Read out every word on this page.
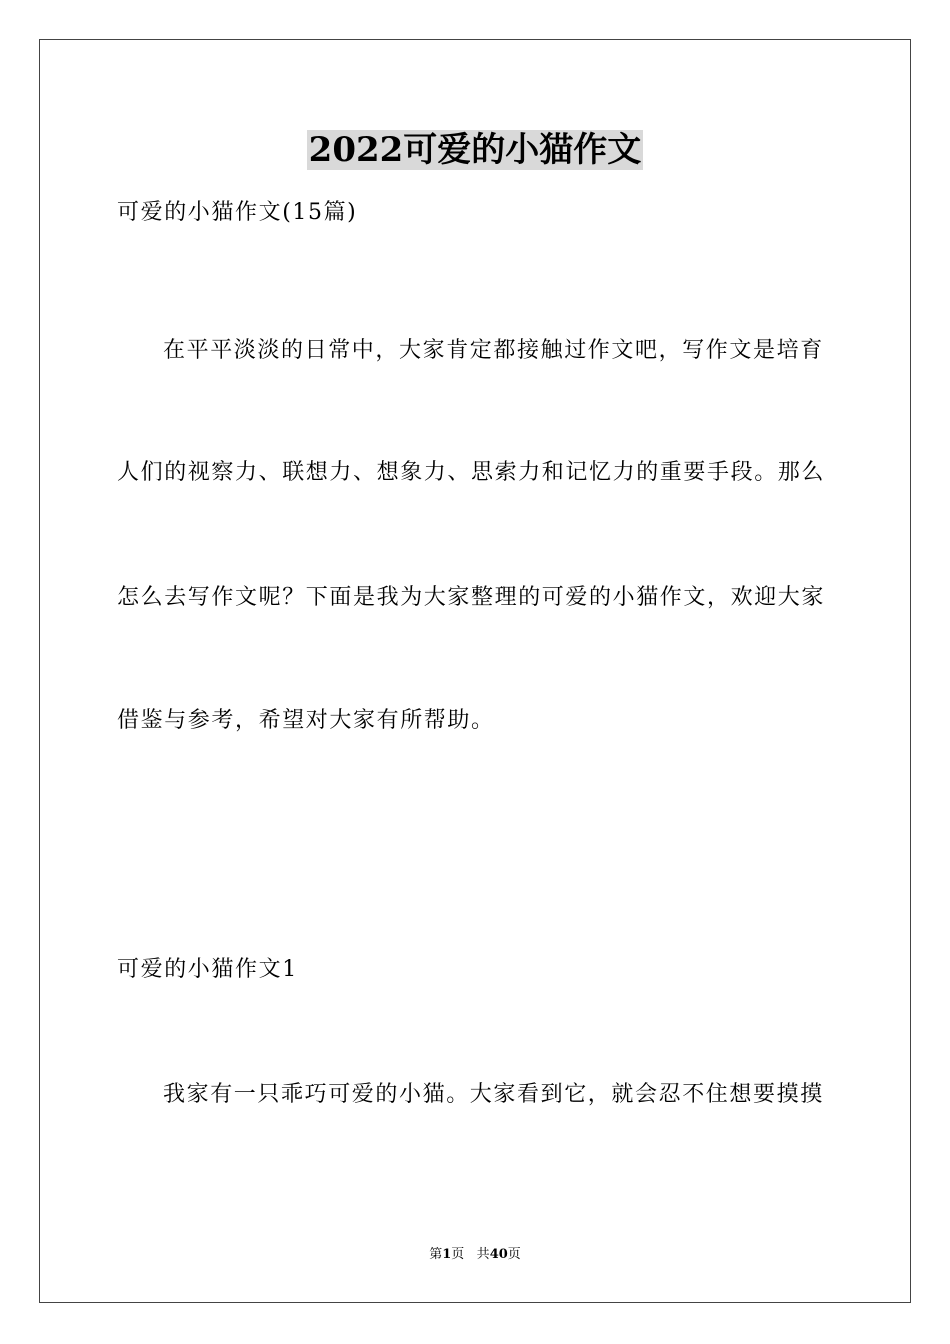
2022可爱的小猫作文
可爱的小猫作文(15篇)
在平平淡淡的日常中，大家肯定都接触过作文吧，写作文是培育
人们的视察力、联想力、想象力、思索力和记忆力的重要手段。那么
怎么去写作文呢？下面是我为大家整理的可爱的小猫作文，欢迎大家
借鉴与参考，希望对大家有所帮助。
可爱的小猫作文1
我家有一只乖巧可爱的小猫。大家看到它，就会忍不住想要摸摸
第1页 共40页
